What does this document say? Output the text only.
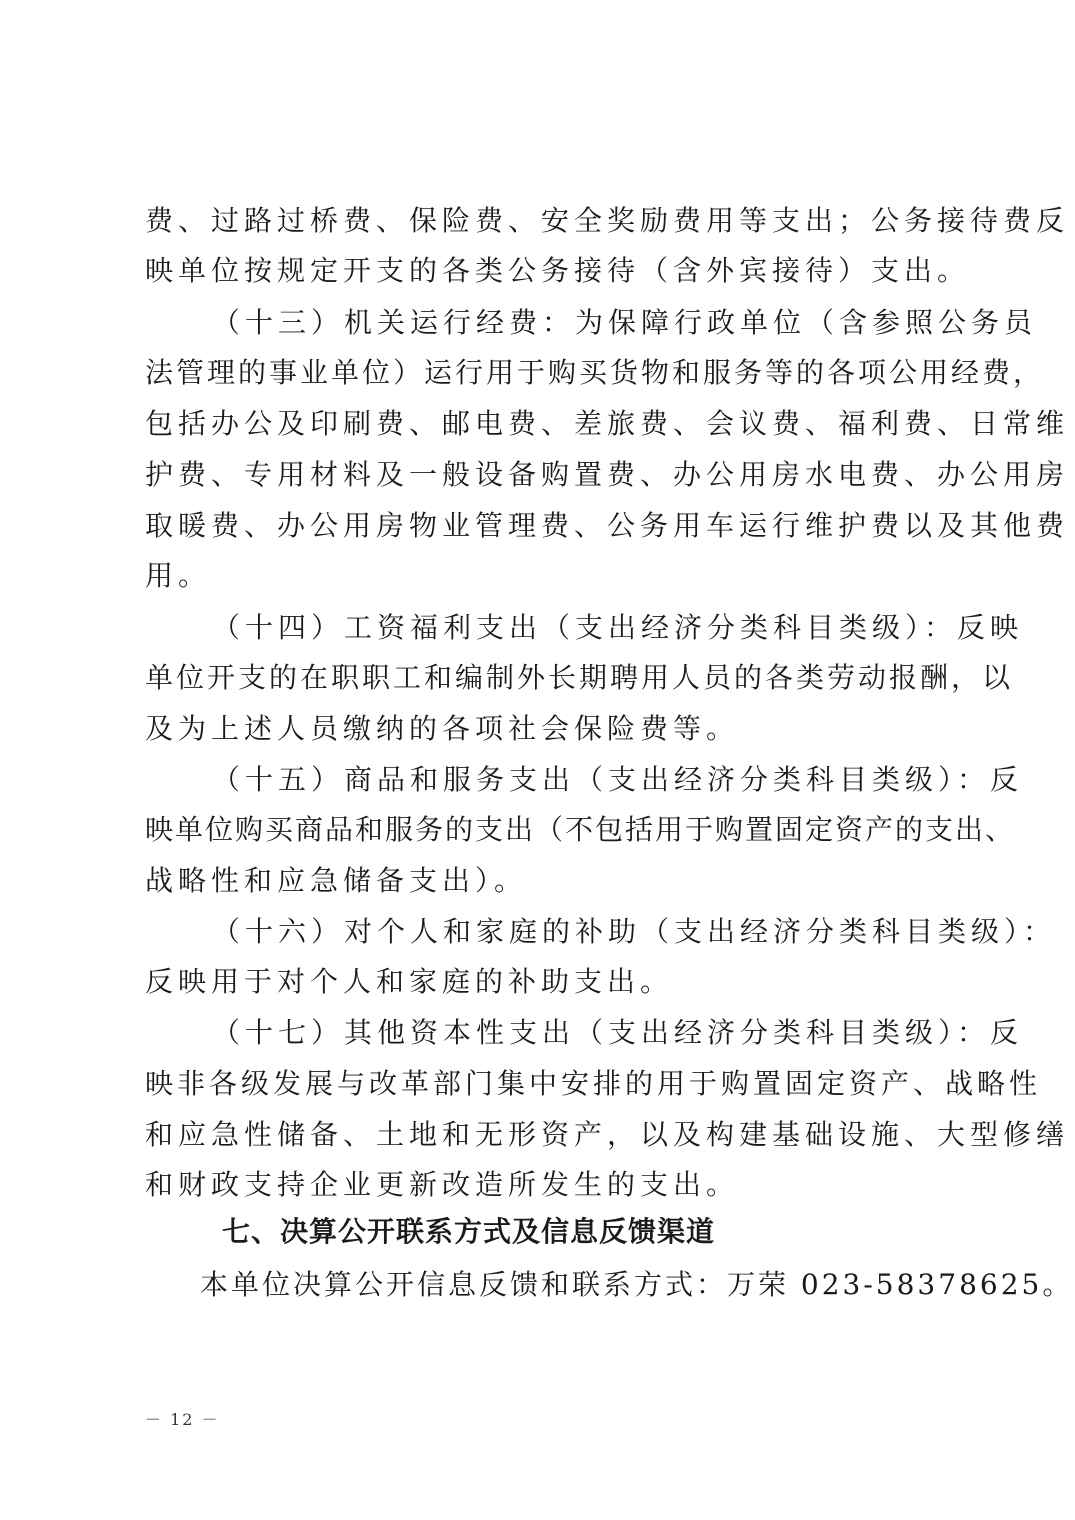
费、过路过桥费、保险费、安全奖励费用等支出；公务接待费反
映单位按规定开支的各类公务接待（含外宾接待）支出。
（十三）机关运行经费：为保障行政单位（含参照公务员
法管理的事业单位）运行用于购买货物和服务等的各项公用经费，
包括办公及印刷费、邮电费、差旅费、会议费、福利费、日常维
护费、专用材料及一般设备购置费、办公用房水电费、办公用房
取暖费、办公用房物业管理费、公务用车运行维护费以及其他费
用。
（十四）工资福利支出（支出经济分类科目类级）：反映
单位开支的在职职工和编制外长期聘用人员的各类劳动报酬，以
及为上述人员缴纳的各项社会保险费等。
（十五）商品和服务支出（支出经济分类科目类级）：反
映单位购买商品和服务的支出（不包括用于购置固定资产的支出、
战略性和应急储备支出）。
（十六）对个人和家庭的补助（支出经济分类科目类级）：
反映用于对个人和家庭的补助支出。
（十七）其他资本性支出（支出经济分类科目类级）：反
映非各级发展与改革部门集中安排的用于购置固定资产、战略性
和应急性储备、土地和无形资产，以及构建基础设施、大型修缮
和财政支持企业更新改造所发生的支出。
七、决算公开联系方式及信息反馈渠道
本单位决算公开信息反馈和联系方式：万荣 023-58378625。
－ 12 －
